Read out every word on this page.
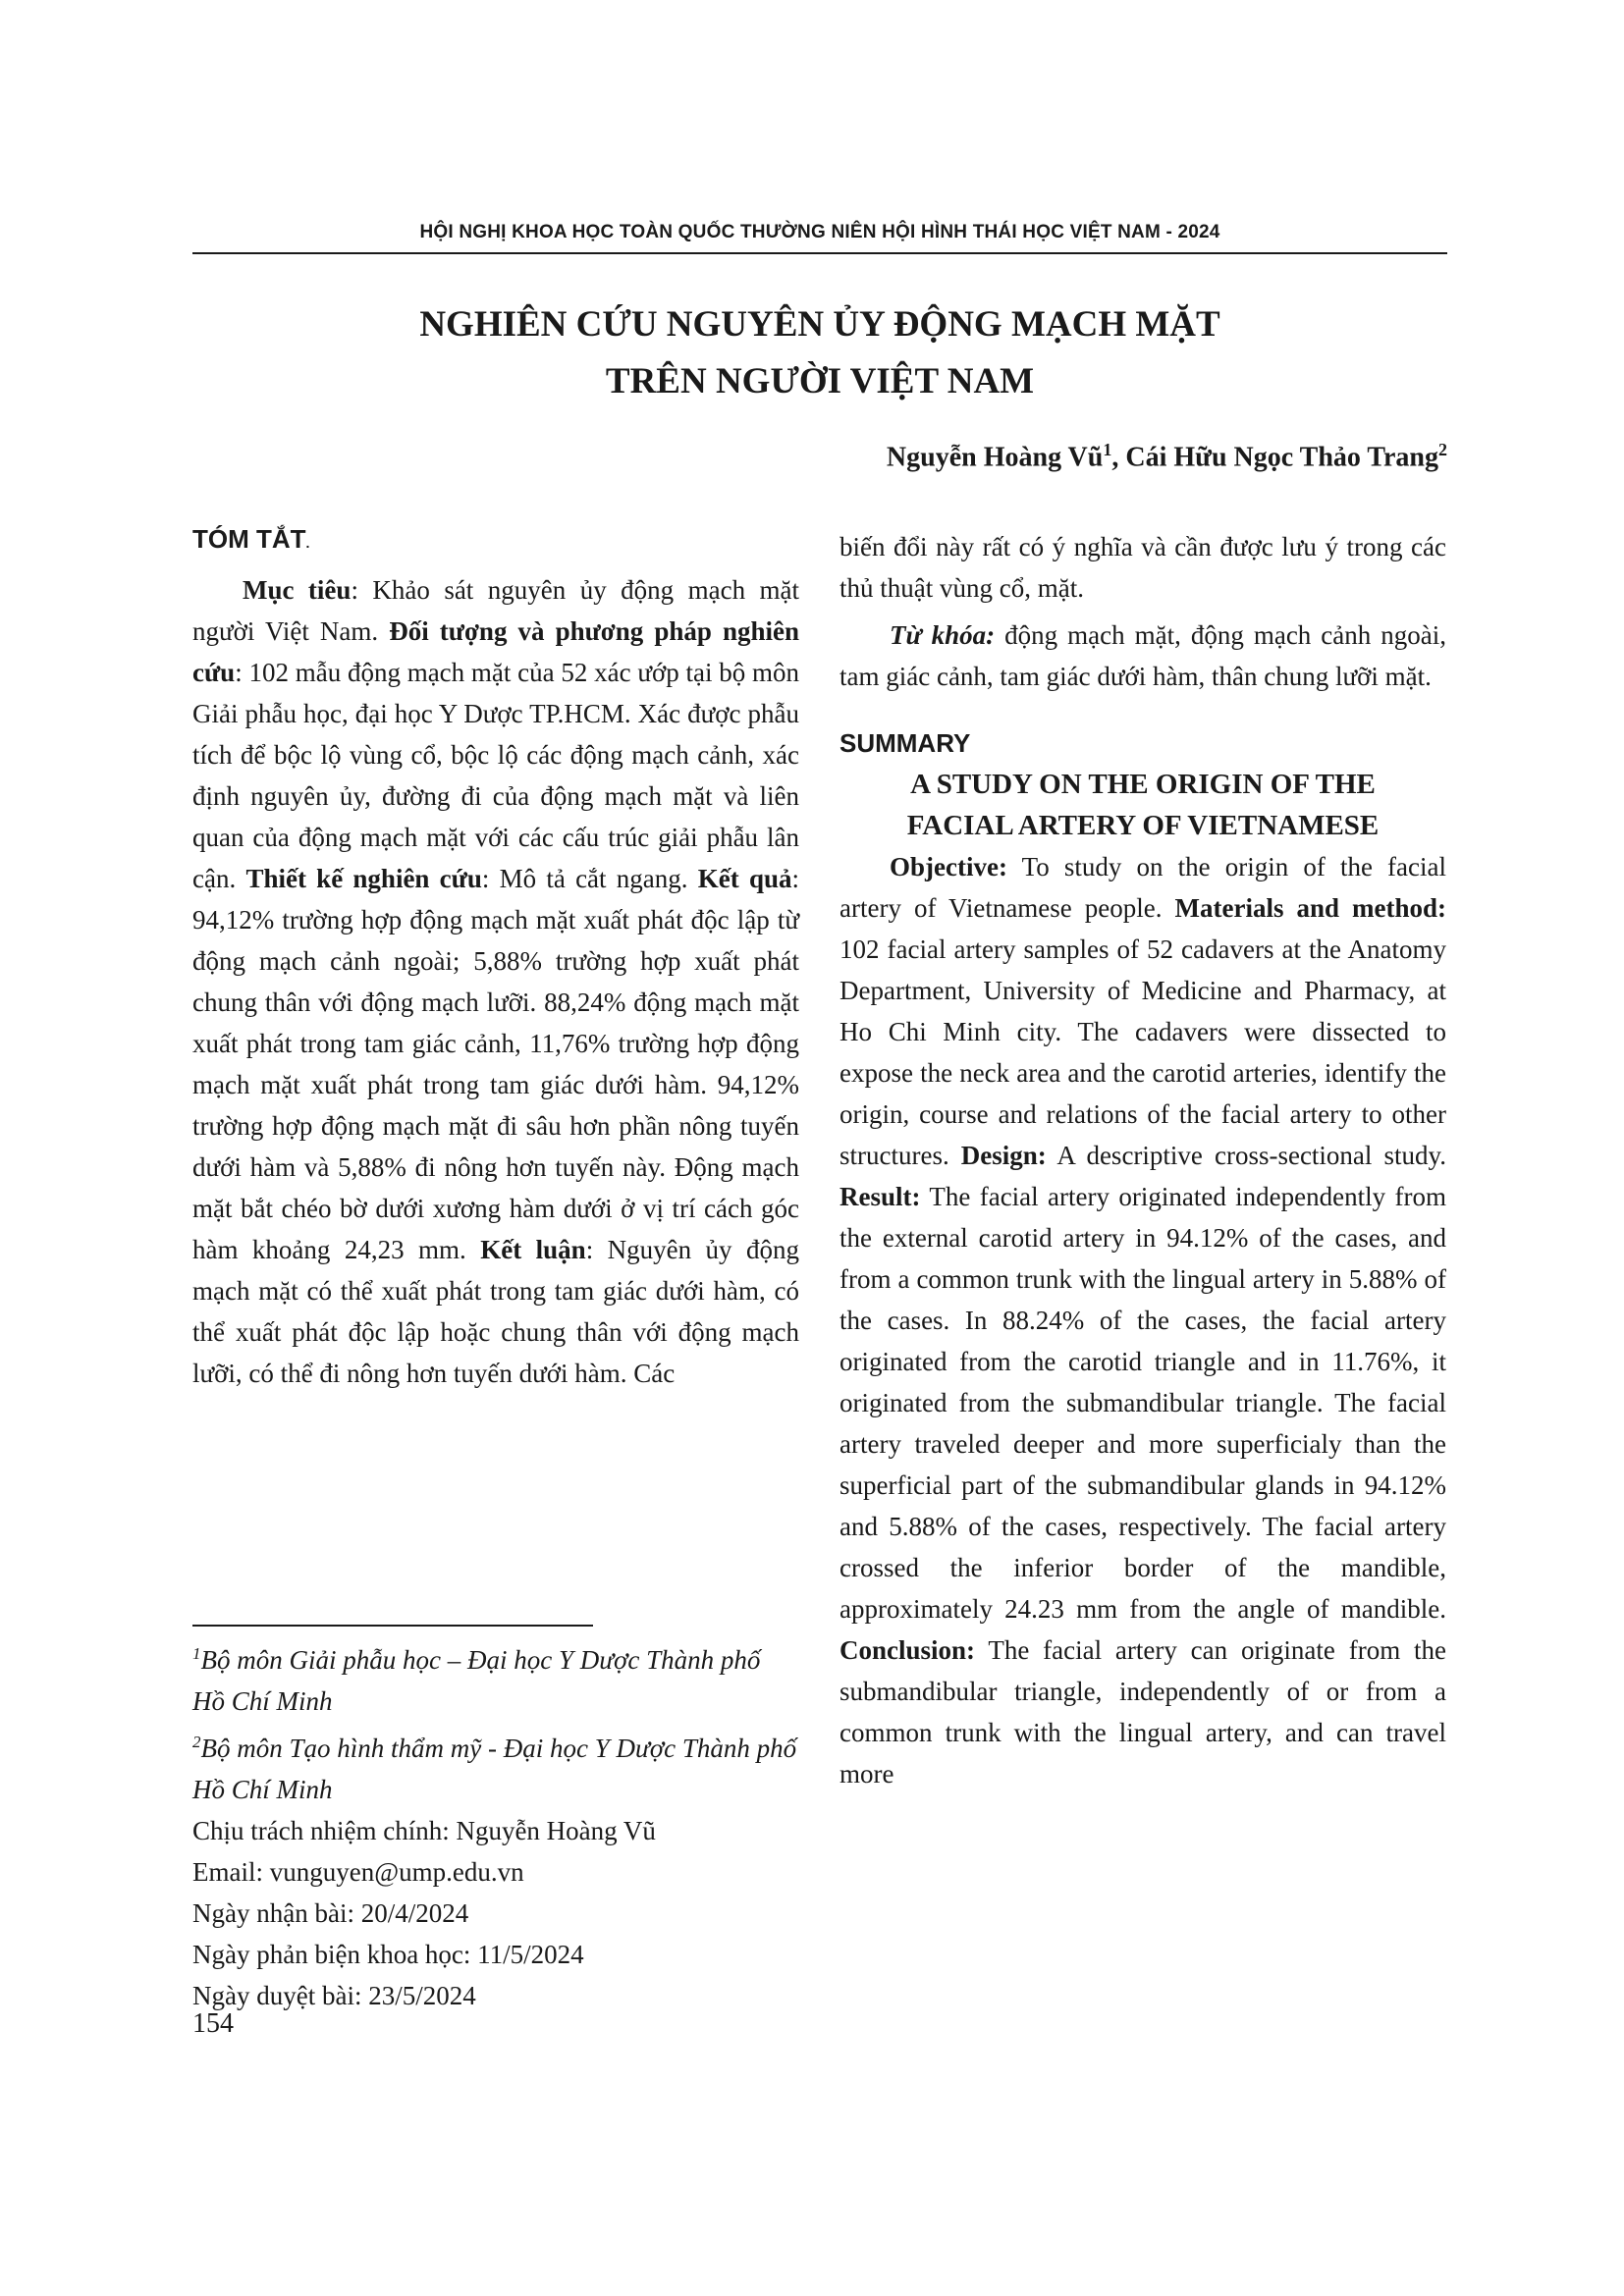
HỘI NGHỊ KHOA HỌC TOÀN QUỐC THƯỜNG NIÊN HỘI HÌNH THÁI HỌC VIỆT NAM - 2024
NGHIÊN CỨU NGUYÊN ỦY ĐỘNG MẠCH MẶT
TRÊN NGƯỜI VIỆT NAM
Nguyễn Hoàng $Vũ^1$, Cái Hữu Ngọc Thảo Trang$^2$

TÓM TẮT.

Mục tiêu: Khảo sát nguyên ủy động mạch mặt người Việt Nam. Đối tượng và phương pháp nghiên cứu: 102 mẫu động mạch mặt của 52 xác ướp tại bộ môn Giải phẫu học, đại học Y Dược TP.HCM. Xác được phẫu tích để bộc lộ vùng cổ, bộc lộ các động mạch cảnh, xác định nguyên ủy, đường đi của động mạch mặt và liên quan của động mạch mặt với các cấu trúc giải phẫu lân cận. Thiết kế nghiên cứu: Mô tả cắt ngang. Kết quả: 94,12% trường hợp động mạch mặt xuất phát độc lập từ động mạch cảnh ngoài; 5,88% trường hợp xuất phát chung thân với động mạch lưỡi. 88,24% động mạch mặt xuất phát trong tam giác cảnh, 11,76% trường hợp động mạch mặt xuất phát trong tam giác dưới hàm. 94,12% trường hợp động mạch mặt đi sâu hơn phần nông tuyến dưới hàm và 5,88% đi nông hơn tuyến này. Động mạch mặt bắt chéo bờ dưới xương hàm dưới ở vị trí cách góc hàm khoảng 24,23 mm. Kết luận: Nguyên ủy động mạch mặt có thể xuất phát trong tam giác dưới hàm, có thể xuất phát độc lập hoặc chung thân với động mạch lưỡi, có thể đi nông hơn tuyến dưới hàm. Các

biến đổi này rất có ý nghĩa và cần được lưu ý trong các thủ thuật vùng cổ, mặt.

Từ khóa: động mạch mặt, động mạch cảnh ngoài, tam giác cảnh, tam giác dưới hàm, thân chung lưỡi mặt.

SUMMARY

A STUDY ON THE ORIGIN OF THE

FACIAL ARTERY OF VIETNAMESE

Objective: To study on the origin of the facial artery of Vietnamese people. Materials and method: 102 facial artery samples of 52 cadavers at the Anatomy Department, University of Medicine and Pharmacy, at Ho Chi Minh city. The cadavers were dissected to expose the neck area and the carotid arteries, identify the origin, course and relations of the facial artery to other structures. Design: A descriptive cross-sectional study. Result: The facial artery originated independently from the external carotid artery in 94.12% of the cases, and from a common trunk with the lingual artery in 5.88% of the cases. In 88.24% of the cases, the facial artery originated from the carotid triangle and in 11.76%, it originated from the submandibular triangle. The facial artery traveled deeper and more superficialy than the superficial part of the submandibular glands in 94.12% and 5.88% of the cases, respectively. The facial artery crossed the inferior border of the mandible, approximately 24.23 mm from the angle of mandible. Conclusion: The facial artery can originate from the submandibular triangle, independently of or from a common trunk with the lingual artery, and can travel more

$^1$Bộ môn Giải phẫu học – Đại học Y Dược Thành phố Hồ Chí Minh

$^2$Bộ môn Tạo hình thẩm mỹ - Đại học Y Dược Thành phố Hồ Chí Minh

Chịu trách nhiệm chính: Nguyễn Hoàng Vũ

Email: vunguyen@ump.edu.vn

Ngày nhận bài: 20/4/2024

Ngày phản biện khoa học: 11/5/2024

Ngày duyệt bài: 23/5/2024

154
